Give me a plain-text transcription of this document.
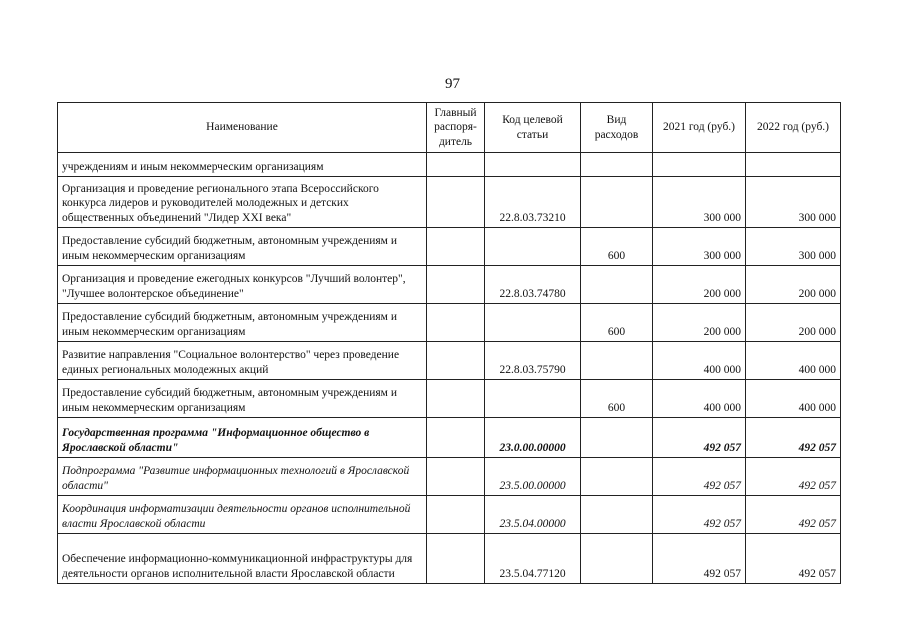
97
Наименование	Главный распоря- дитель	Код целевой статьи	Вид расходов	2021 год (руб.)	2022 год (руб.)
учреждениям и иным некоммерческим организациям					
Организация и проведение регионального этапа Всероссийского конкурса лидеров и руководителей молодежных и детских общественных объединений "Лидер XXI века"		22.8.03.73210		300 000	300 000
Предоставление субсидий бюджетным, автономным учреждениям и иным некоммерческим организациям			600	300 000	300 000
Организация и проведение ежегодных конкурсов "Лучший волонтер", "Лучшее волонтерское объединение"		22.8.03.74780		200 000	200 000
Предоставление субсидий бюджетным, автономным учреждениям и иным некоммерческим организациям			600	200 000	200 000
Развитие направления "Социальное волонтерство" через проведение единых региональных молодежных акций		22.8.03.75790		400 000	400 000
Предоставление субсидий бюджетным, автономным учреждениям и иным некоммерческим организациям			600	400 000	400 000
Государственная программа "Информационное общество в Ярославской области"		23.0.00.00000		492 057	492 057
Подпрограмма "Развитие информационных технологий в Ярославской области"		23.5.00.00000		492 057	492 057
Координация информатизации деятельности органов исполнительной власти Ярославской области		23.5.04.00000		492 057	492 057
Обеспечение информационно-коммуникационной инфраструктуры для деятельности органов исполнительной власти Ярославской области		23.5.04.77120		492 057	492 057
